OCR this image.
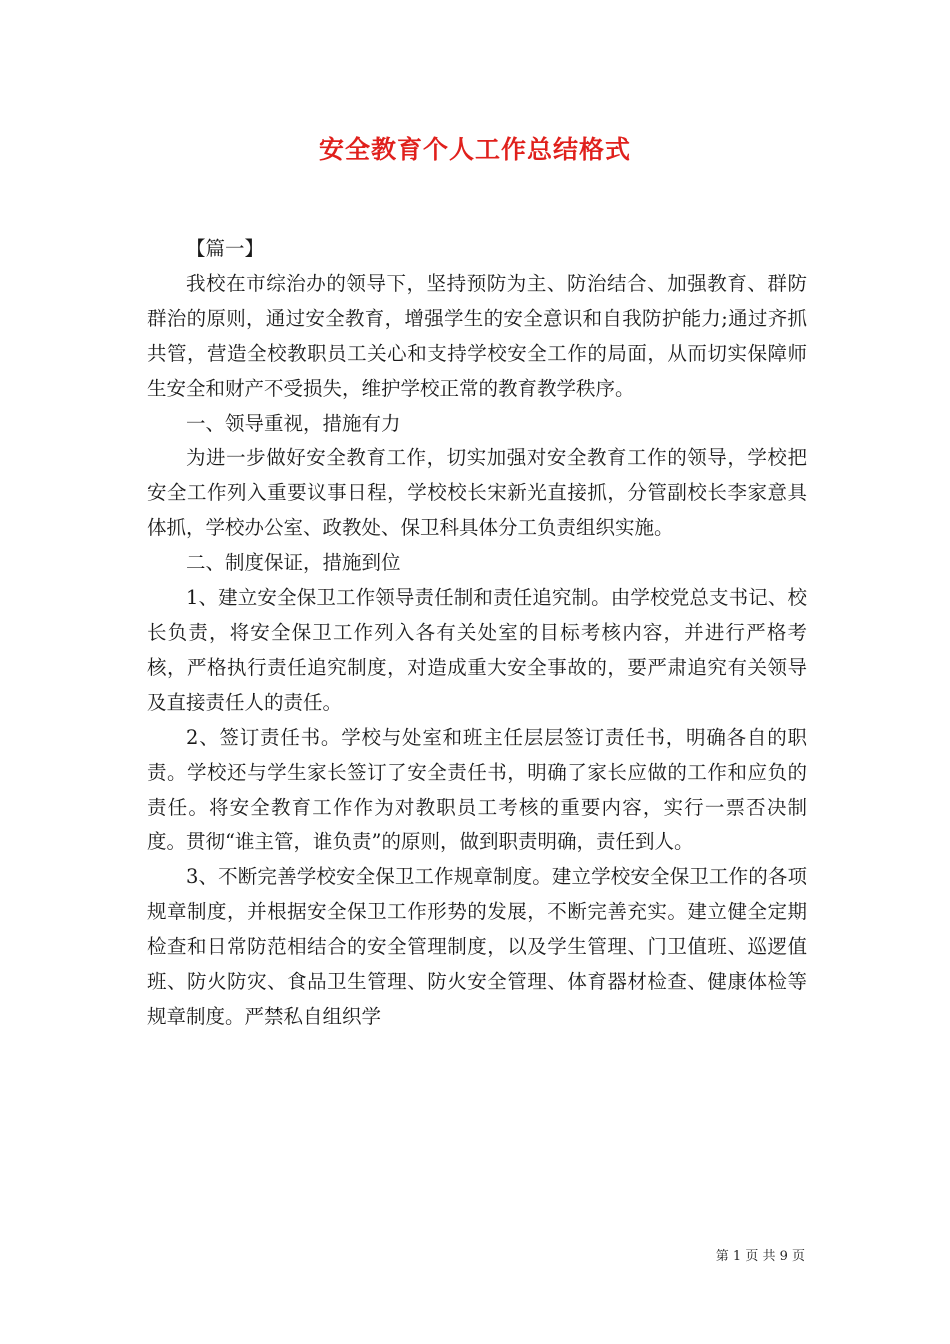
安全教育个人工作总结格式

【篇一】

我校在市综治办的领导下，坚持预防为主、防治结合、加强教育、群防群治的原则，通过安全教育，增强学生的安全意识和自我防护能力;通过齐抓共管，营造全校教职员工关心和支持学校安全工作的局面，从而切实保障师生安全和财产不受损失，维护学校正常的教育教学秩序。

一、领导重视，措施有力

为进一步做好安全教育工作，切实加强对安全教育工作的领导，学校把安全工作列入重要议事日程，学校校长宋新光直接抓，分管副校长李家意具体抓，学校办公室、政教处、保卫科具体分工负责组织实施。

二、制度保证，措施到位

1、建立安全保卫工作领导责任制和责任追究制。由学校党总支书记、校长负责，将安全保卫工作列入各有关处室的目标考核内容，并进行严格考核，严格执行责任追究制度，对造成重大安全事故的，要严肃追究有关领导及直接责任人的责任。

2、签订责任书。学校与处室和班主任层层签订责任书，明确各自的职责。学校还与学生家长签订了安全责任书，明确了家长应做的工作和应负的责任。将安全教育工作作为对教职员工考核的重要内容，实行一票否决制度。贯彻“谁主管，谁负责”的原则，做到职责明确，责任到人。

3、不断完善学校安全保卫工作规章制度。建立学校安全保卫工作的各项规章制度，并根据安全保卫工作形势的发展，不断完善充实。建立健全定期检查和日常防范相结合的安全管理制度，以及学生管理、门卫值班、巡逻值班、防火防灾、食品卫生管理、防火安全管理、体育器材检查、健康体检等规章制度。严禁私自组织学

第 1 页 共 9 页
